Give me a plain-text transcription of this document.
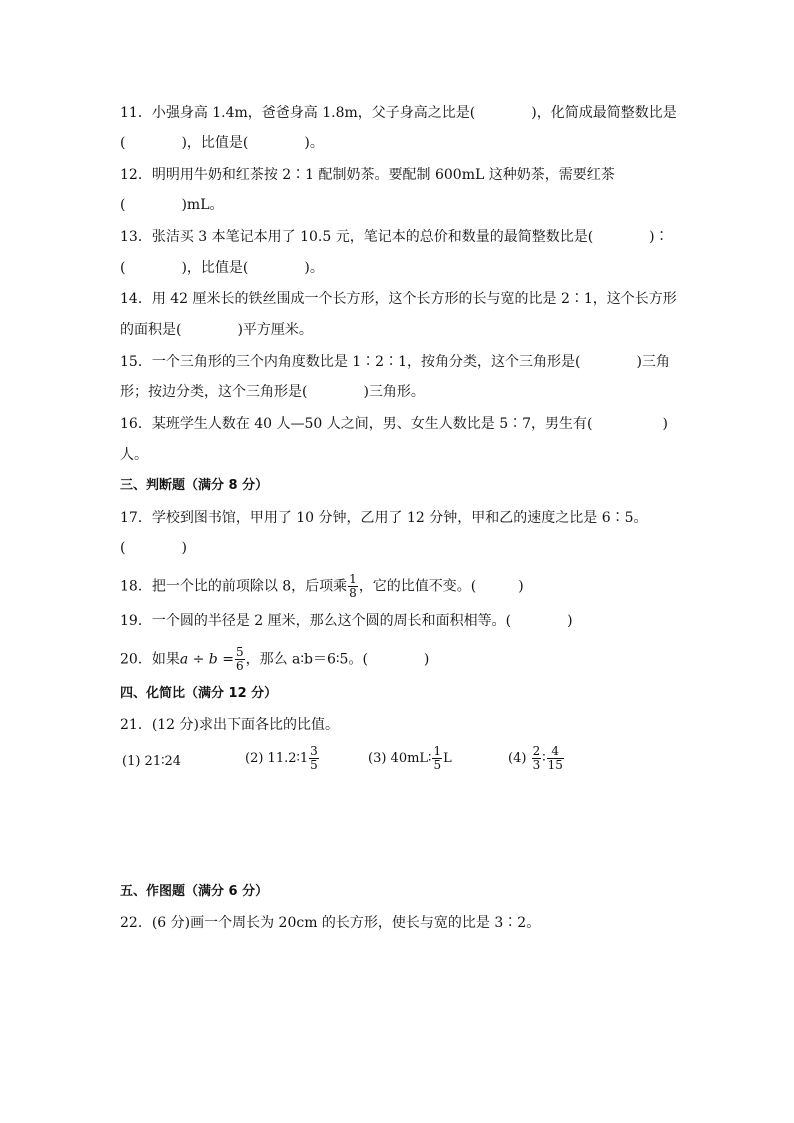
11．小强身高 1.4m，爸爸身高 1.8m，父子身高之比是(　　　　)，化简成最简整数比是
(　　　　)，比值是(　　　　)。
12．明明用牛奶和红茶按 2∶1 配制奶茶。要配制 600mL 这种奶茶，需要红茶
(　　　　)mL。
13．张洁买 3 本笔记本用了 10.5 元，笔记本的总价和数量的最简整数比是(　　　　)∶
(　　　　)，比值是(　　　　)。
14．用 42 厘米长的铁丝围成一个长方形，这个长方形的长与宽的比是 2∶1，这个长方形
的面积是(　　　　)平方厘米。
15．一个三角形的三个内角度数比是 1∶2∶1，按角分类，这个三角形是(　　　　)三角
形；按边分类，这个三角形是(　　　　)三角形。
16．某班学生人数在 40 人—50 人之间，男、女生人数比是 5∶7，男生有(　　　　　)
人。
三、判断题（满分 8 分）
17．学校到图书馆，甲用了 10 分钟，乙用了 12 分钟，甲和乙的速度之比是 6∶5。
(　　　　)
18．把一个比的前项除以 8，后项乘 $\frac{1}{8}$ ，它的比值不变。(　　　)
19．一个圆的半径是 2 厘米，那么这个圆的周长和面积相等。(　　　　)
20．如果$a \div b = \frac{5}{6}$ ，那么 a∶b＝6∶5。(　　　　)
四、化简比（满分 12 分）
21．(12 分)求出下面各比的比值。
(1) 21∶24	(2) 11.2∶1 $\frac{3}{5}$	(3) 40mL∶ $\frac{1}{5}$ L	$(4) \frac{2}{3}$ ∶ $\frac{4}{15}$
五、作图题（满分 6 分）
22．(6 分)画一个周长为 20cm 的长方形，使长与宽的比是 3∶2。
